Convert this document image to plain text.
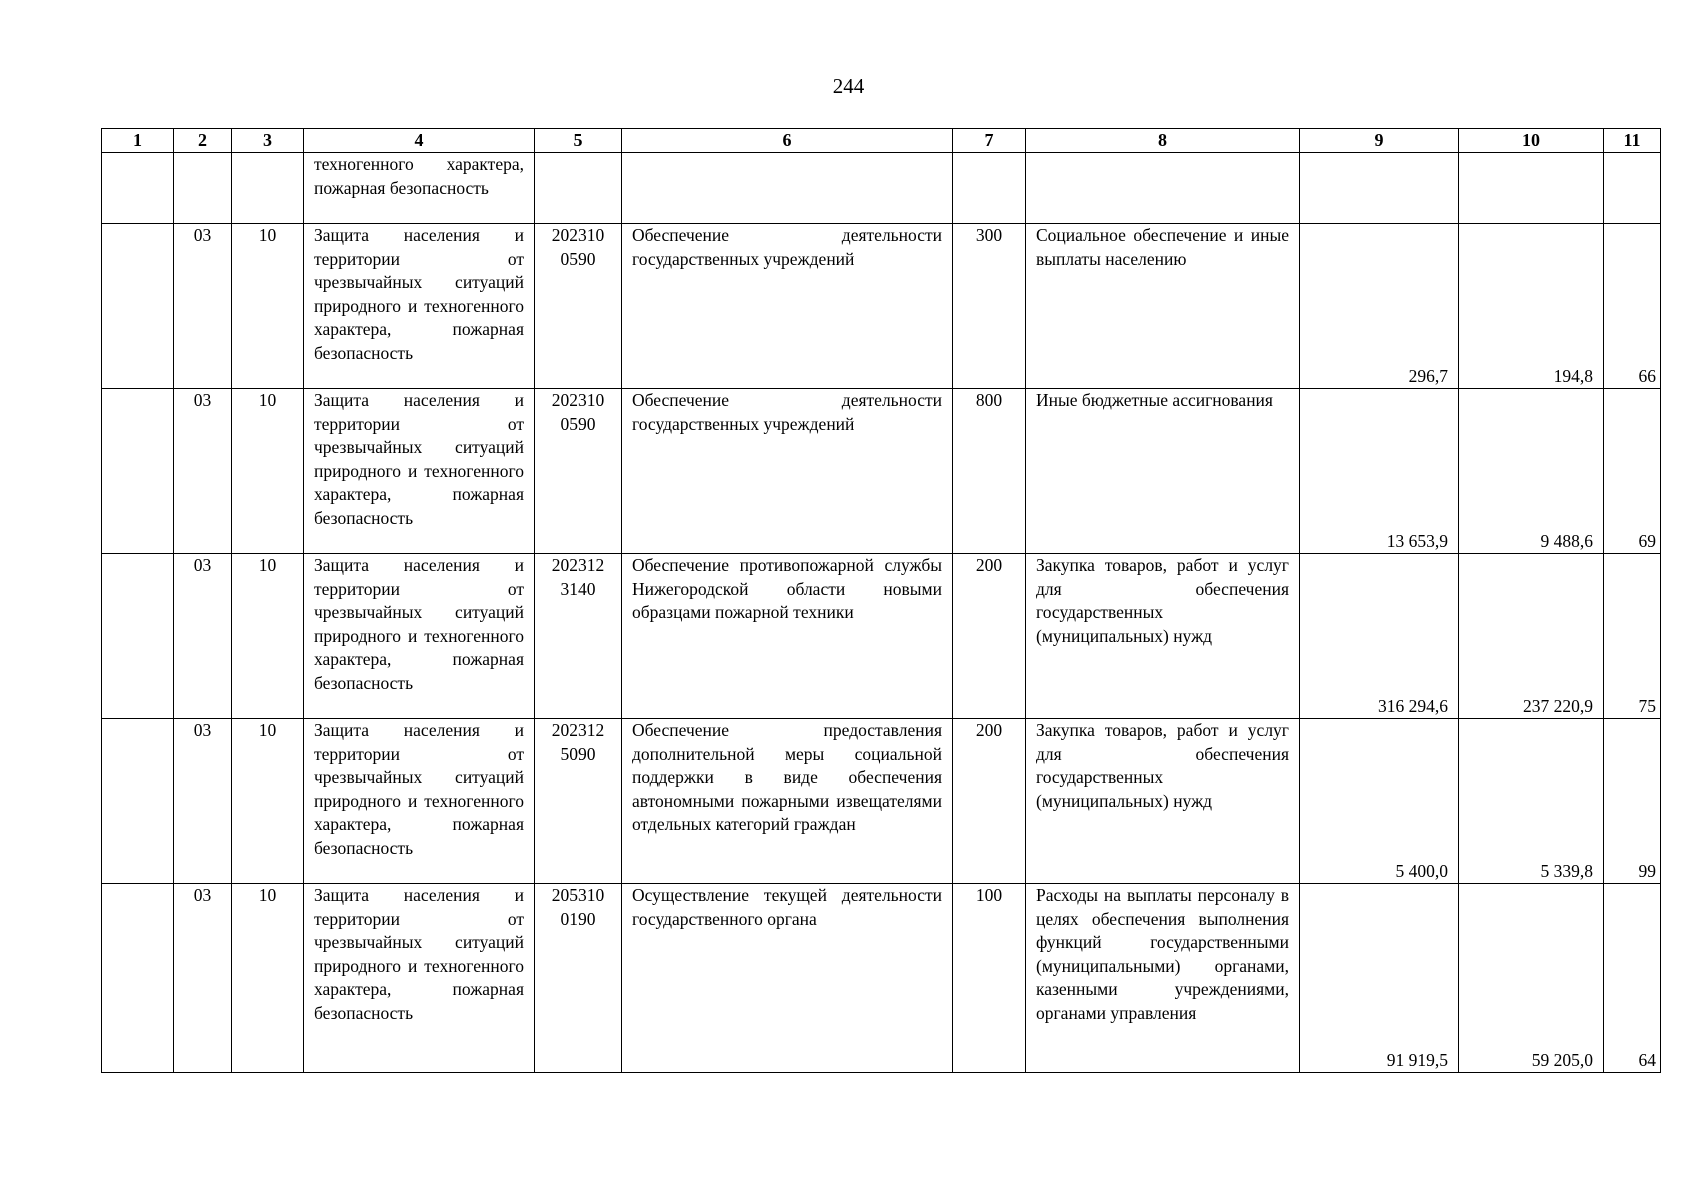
244
1	2	3	4	5	6	7	8	9	10	11
			техногенного характера, пожарная безопасность							
	03	10	Защита населения и территории от чрезвычайных ситуаций природного и техногенного характера, пожарная безопасность	202310 0590	Обеспечение деятельности государственных учреждений	300	Социальное обеспечение и иные выплаты населению	296,7	194,8	66
	03	10	Защита населения и территории от чрезвычайных ситуаций природного и техногенного характера, пожарная безопасность	202310 0590	Обеспечение деятельности государственных учреждений	800	Иные бюджетные ассигнования	13 653,9	9 488,6	69
	03	10	Защита населения и территории от чрезвычайных ситуаций природного и техногенного характера, пожарная безопасность	202312 3140	Обеспечение противопожарной службы Нижегородской области новыми образцами пожарной техники	200	Закупка товаров, работ и услуг для обеспечения государственных (муниципальных) нужд	316 294,6	237 220,9	75
	03	10	Защита населения и территории от чрезвычайных ситуаций природного и техногенного характера, пожарная безопасность	202312 5090	Обеспечение предоставления дополнительной меры социальной поддержки в виде обеспечения автономными пожарными извещателями отдельных категорий граждан	200	Закупка товаров, работ и услуг для обеспечения государственных (муниципальных) нужд	5 400,0	5 339,8	99
	03	10	Защита населения и территории от чрезвычайных ситуаций природного и техногенного характера, пожарная безопасность	205310 0190	Осуществление текущей деятельности государственного органа	100	Расходы на выплаты персоналу в целях обеспечения выполнения функций государственными (муниципальными) органами, казенными учреждениями, органами управления	91 919,5	59 205,0	64
